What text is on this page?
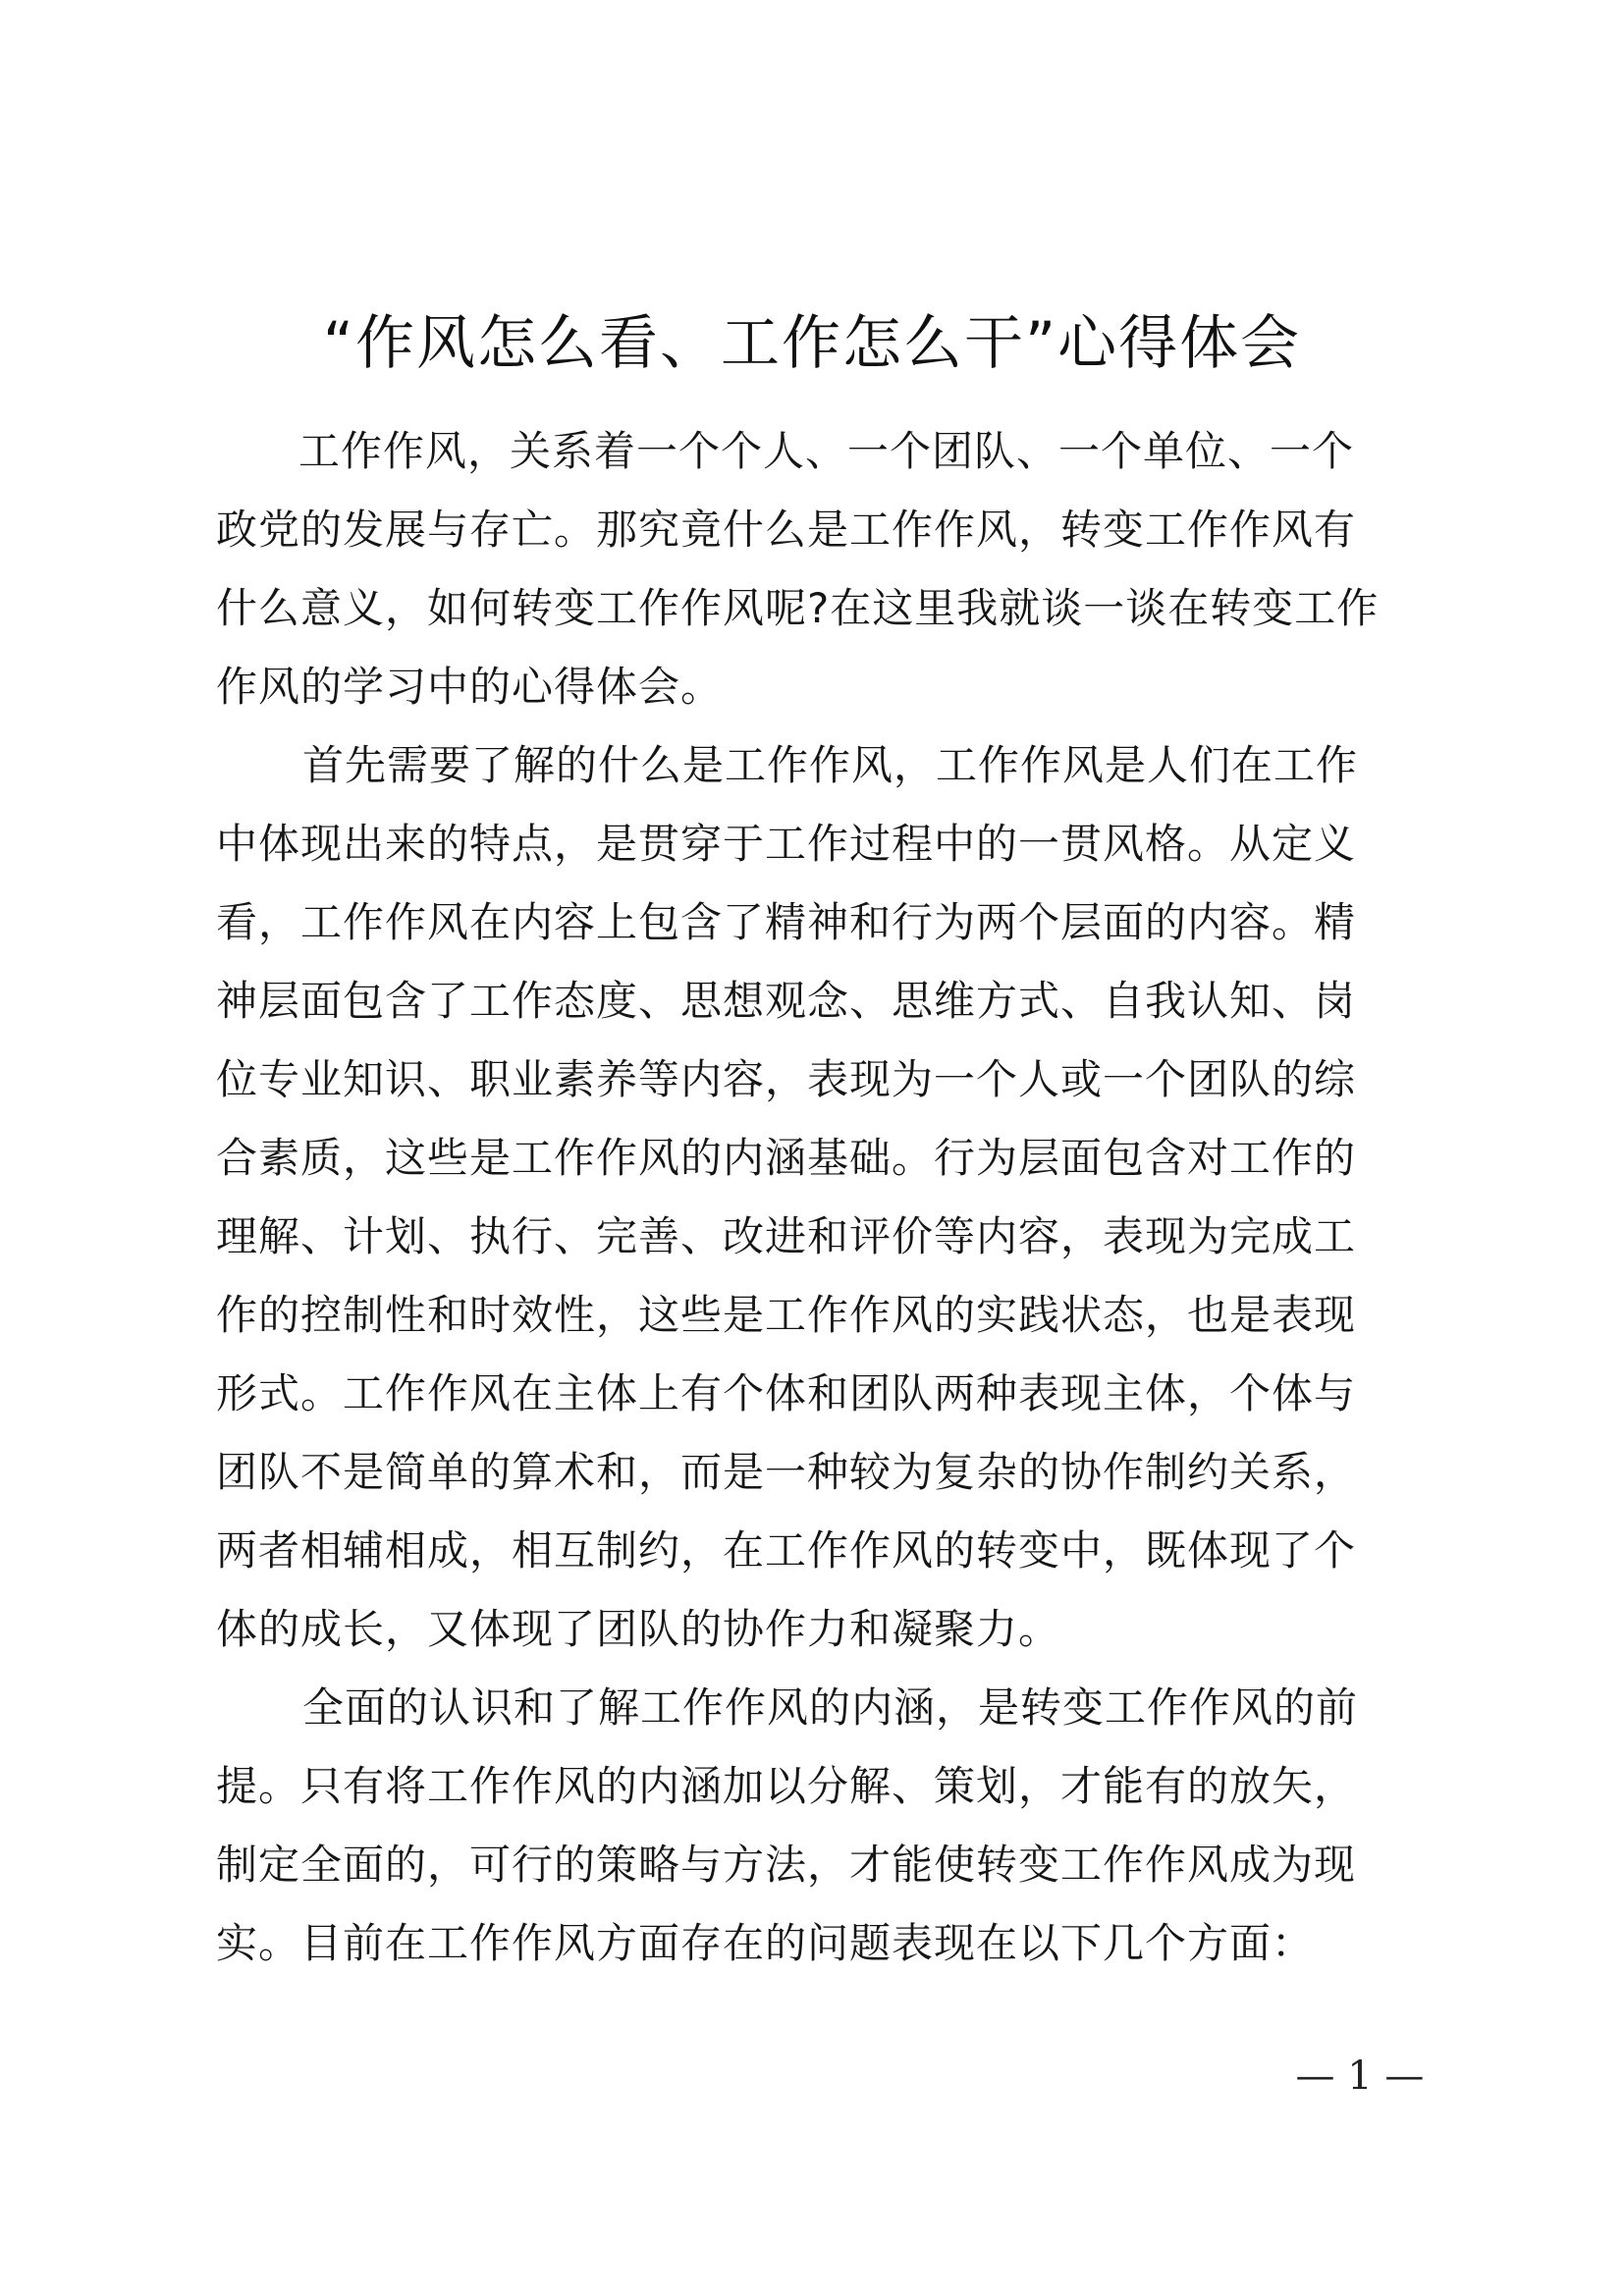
“作风怎么看、工作怎么干”心得体会
工作作风，关系着一个个人、一个团队、一个单位、一个
政党的发展与存亡。那究竟什么是工作作风，转变工作作风有
什么意义，如何转变工作作风呢?在这里我就谈一谈在转变工作
作风的学习中的心得体会。
首先需要了解的什么是工作作风，工作作风是人们在工作
中体现出来的特点，是贯穿于工作过程中的一贯风格。从定义
看，工作作风在内容上包含了精神和行为两个层面的内容。精
神层面包含了工作态度、思想观念、思维方式、自我认知、岗
位专业知识、职业素养等内容，表现为一个人或一个团队的综
合素质，这些是工作作风的内涵基础。行为层面包含对工作的
理解、计划、执行、完善、改进和评价等内容，表现为完成工
作的控制性和时效性，这些是工作作风的实践状态，也是表现
形式。工作作风在主体上有个体和团队两种表现主体，个体与
团队不是简单的算术和，而是一种较为复杂的协作制约关系，
两者相辅相成，相互制约，在工作作风的转变中，既体现了个
体的成长，又体现了团队的协作力和凝聚力。
全面的认识和了解工作作风的内涵，是转变工作作风的前
提。只有将工作作风的内涵加以分解、策划，才能有的放矢，
制定全面的，可行的策略与方法，才能使转变工作作风成为现
实。目前在工作作风方面存在的问题表现在以下几个方面：
— 1 —
